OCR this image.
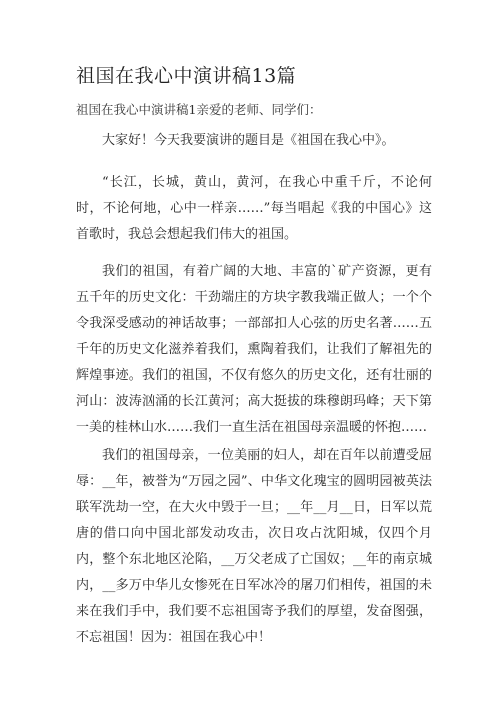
祖国在我心中演讲稿13篇
祖国在我心中演讲稿1亲爱的老师、同学们：

大家好！今天我要演讲的题目是《祖国在我心中》。

“长江，长城，黄山，黄河，在我心中重千斤，不论何时，不论何地，心中一样亲……”每当唱起《我的中国心》这首歌时，我总会想起我们伟大的祖国。

我们的祖国，有着广阔的大地、丰富的`矿产资源，更有五千年的历史文化：干劲端庄的方块字教我端正做人；一个个令我深受感动的神话故事；一部部扣人心弦的历史名著……五千年的历史文化滋养着我们，熏陶着我们，让我们了解祖先的辉煌事迹。我们的祖国，不仅有悠久的历史文化，还有壮丽的河山：波涛汹涌的长江黄河；高大挺拔的珠穆朗玛峰；天下第一美的桂林山水……我们一直生活在祖国母亲温暖的怀抱……

我们的祖国母亲，一位美丽的妇人，却在百年以前遭受屈辱：__年，被誉为“万园之园”、中华文化瑰宝的圆明园被英法联军洗劫一空，在大火中毁于一旦；__年__月__日，日军以荒唐的借口向中国北部发动攻击，次日攻占沈阳城，仅四个月内，整个东北地区沦陷，__万父老成了亡国奴；__年的南京城内，__多万中华儿女惨死在日军冰冷的屠刀们相传，祖国的未来在我们手中，我们要不忘祖国寄予我们的厚望，发奋图强，不忘祖国！因为：祖国在我心中！
